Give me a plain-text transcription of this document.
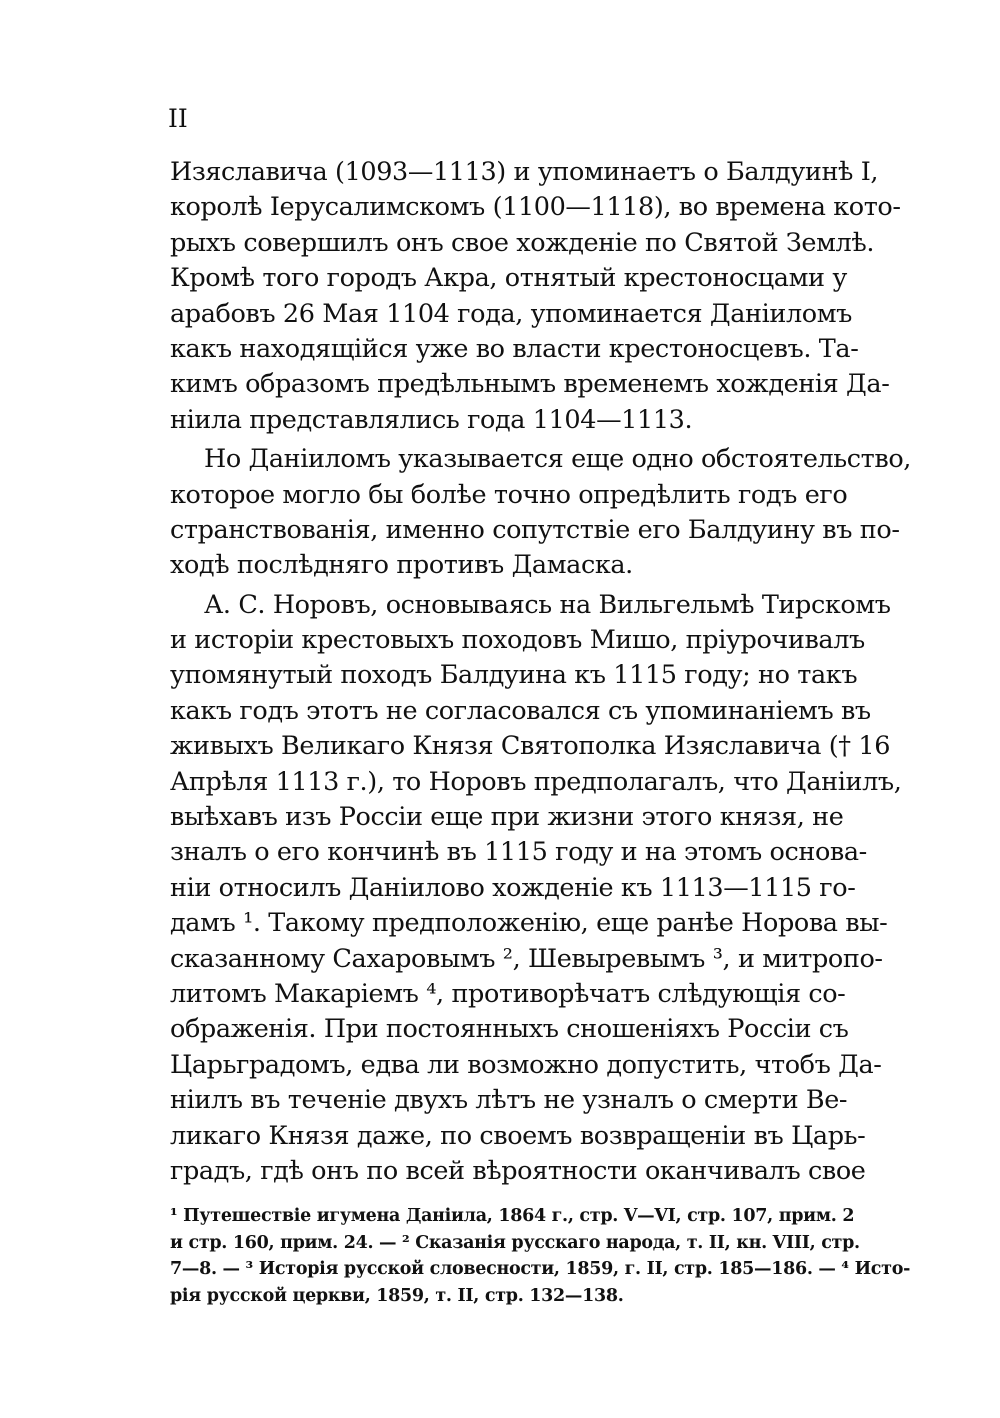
II
Изяславича (1093—1113) и упоминаетъ о Балдуинѣ I,
королѣ Іерусалимскомъ (1100—1118), во времена кото-
рыхъ совершилъ онъ свое хожденіе по Святой Землѣ.
Кромѣ того городъ Акра, отнятый крестоносцами у
арабовъ 26 Мая 1104 года, упоминается Даніиломъ
какъ находящійся уже во власти крестоносцевъ. Та-
кимъ образомъ предѣльнымъ временемъ хожденія Да-
ніила представлялись года 1104—1113.
Но Даніиломъ указывается еще одно обстоятельство,
которое могло бы болѣе точно опредѣлить годъ его
странствованія, именно сопутствіе его Балдуину въ по-
ходѣ послѣдняго противъ Дамаска.
А. С. Норовъ, основываясь на Вильгельмѣ Тирскомъ
и исторіи крестовыхъ походовъ Мишо, пріурочивалъ
упомянутый походъ Балдуина къ 1115 году; но такъ
какъ годъ этотъ не согласовался съ упоминаніемъ въ
живыхъ Великаго Князя Святополка Изяславича († 16
Апрѣля 1113 г.), то Норовъ предполагалъ, что Даніилъ,
выѣхавъ изъ Россіи еще при жизни этого князя, не
зналъ о его кончинѣ въ 1115 году и на этомъ основа-
ніи относилъ Даніилово хожденіе къ 1113—1115 го-
дамъ ¹. Такому предположенію, еще ранѣе Норова вы-
сказанному Сахаровымъ ², Шевыревымъ ³, и митропо-
литомъ Макаріемъ ⁴, противорѣчатъ слѣдующія со-
ображенія. При постоянныхъ сношеніяхъ Россіи съ
Царьградомъ, едва ли возможно допустить, чтобъ Да-
ніилъ въ теченіе двухъ лѣтъ не узналъ о смерти Ве-
ликаго Князя даже, по своемъ возвращеніи въ Царь-
градъ, гдѣ онъ по всей вѣроятности оканчивалъ свое
¹ Путешествіе игумена Даніила, 1864 г., стр. V—VI, стр. 107, прим. 2
и стр. 160, прим. 24. — ² Сказанія русскаго народа, т. II, кн. VIII, стр.
7—8. — ³ Исторія русской словесности, 1859, г. II, стр. 185—186. — ⁴ Исто-
рія русской церкви, 1859, т. II, стр. 132—138.
